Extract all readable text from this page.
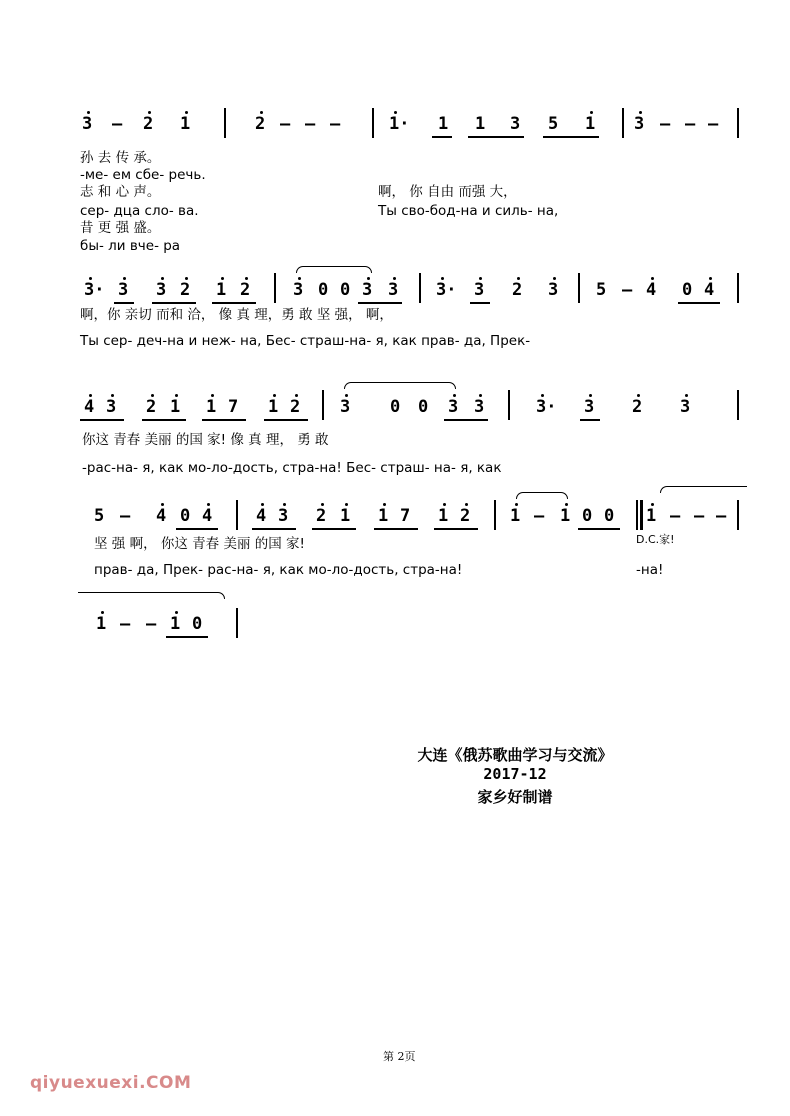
3 – 2 1	2 – – –	1· 1 1 3 5 1 3 – – –
孙 去 传 承。
-ме- ем сбе- речь.
志 和 心 声。
сер- дца сло- ва.
昔 更 强 盛。
бы- ли вче- ра
啊， 你 自由 而强 大，
Ты сво-бод-на и силь- на,
3· 3 3 2 1 2	3 0 0 3 3 3· 3 2 3 5 – 4 0 4
啊，你 亲切 而和 洽， 像 真 理，勇 敢 坚 强， 啊，
Ты сер- деч-на и неж- на, Бес- страш-на- я, как прав- да, Прек-
4 3 2 1 1 7 1 2 3 0 0 3 3	3· 3 2 3
你这 青春 美丽 的国 家! 像 真 理， 勇 敢
-рас-на- я, как мо-ло-дость, стра-на! Бес- страш- на- я, как
5 – 4 0 4	4 3 2 1 1 7 1 2 1 – 1 0 0 1 – – –
坚 强 啊， 你这 青春 美丽 的国 家!	D.C.家!
прав- да, Прек- рас-на- я, как мо-ло-дость, стра-на!	-на!
1 – – 1 0
大连《俄苏歌曲学习与交流》
2017-12
家乡好制谱
第 2页
qiyuexuexi.COM
